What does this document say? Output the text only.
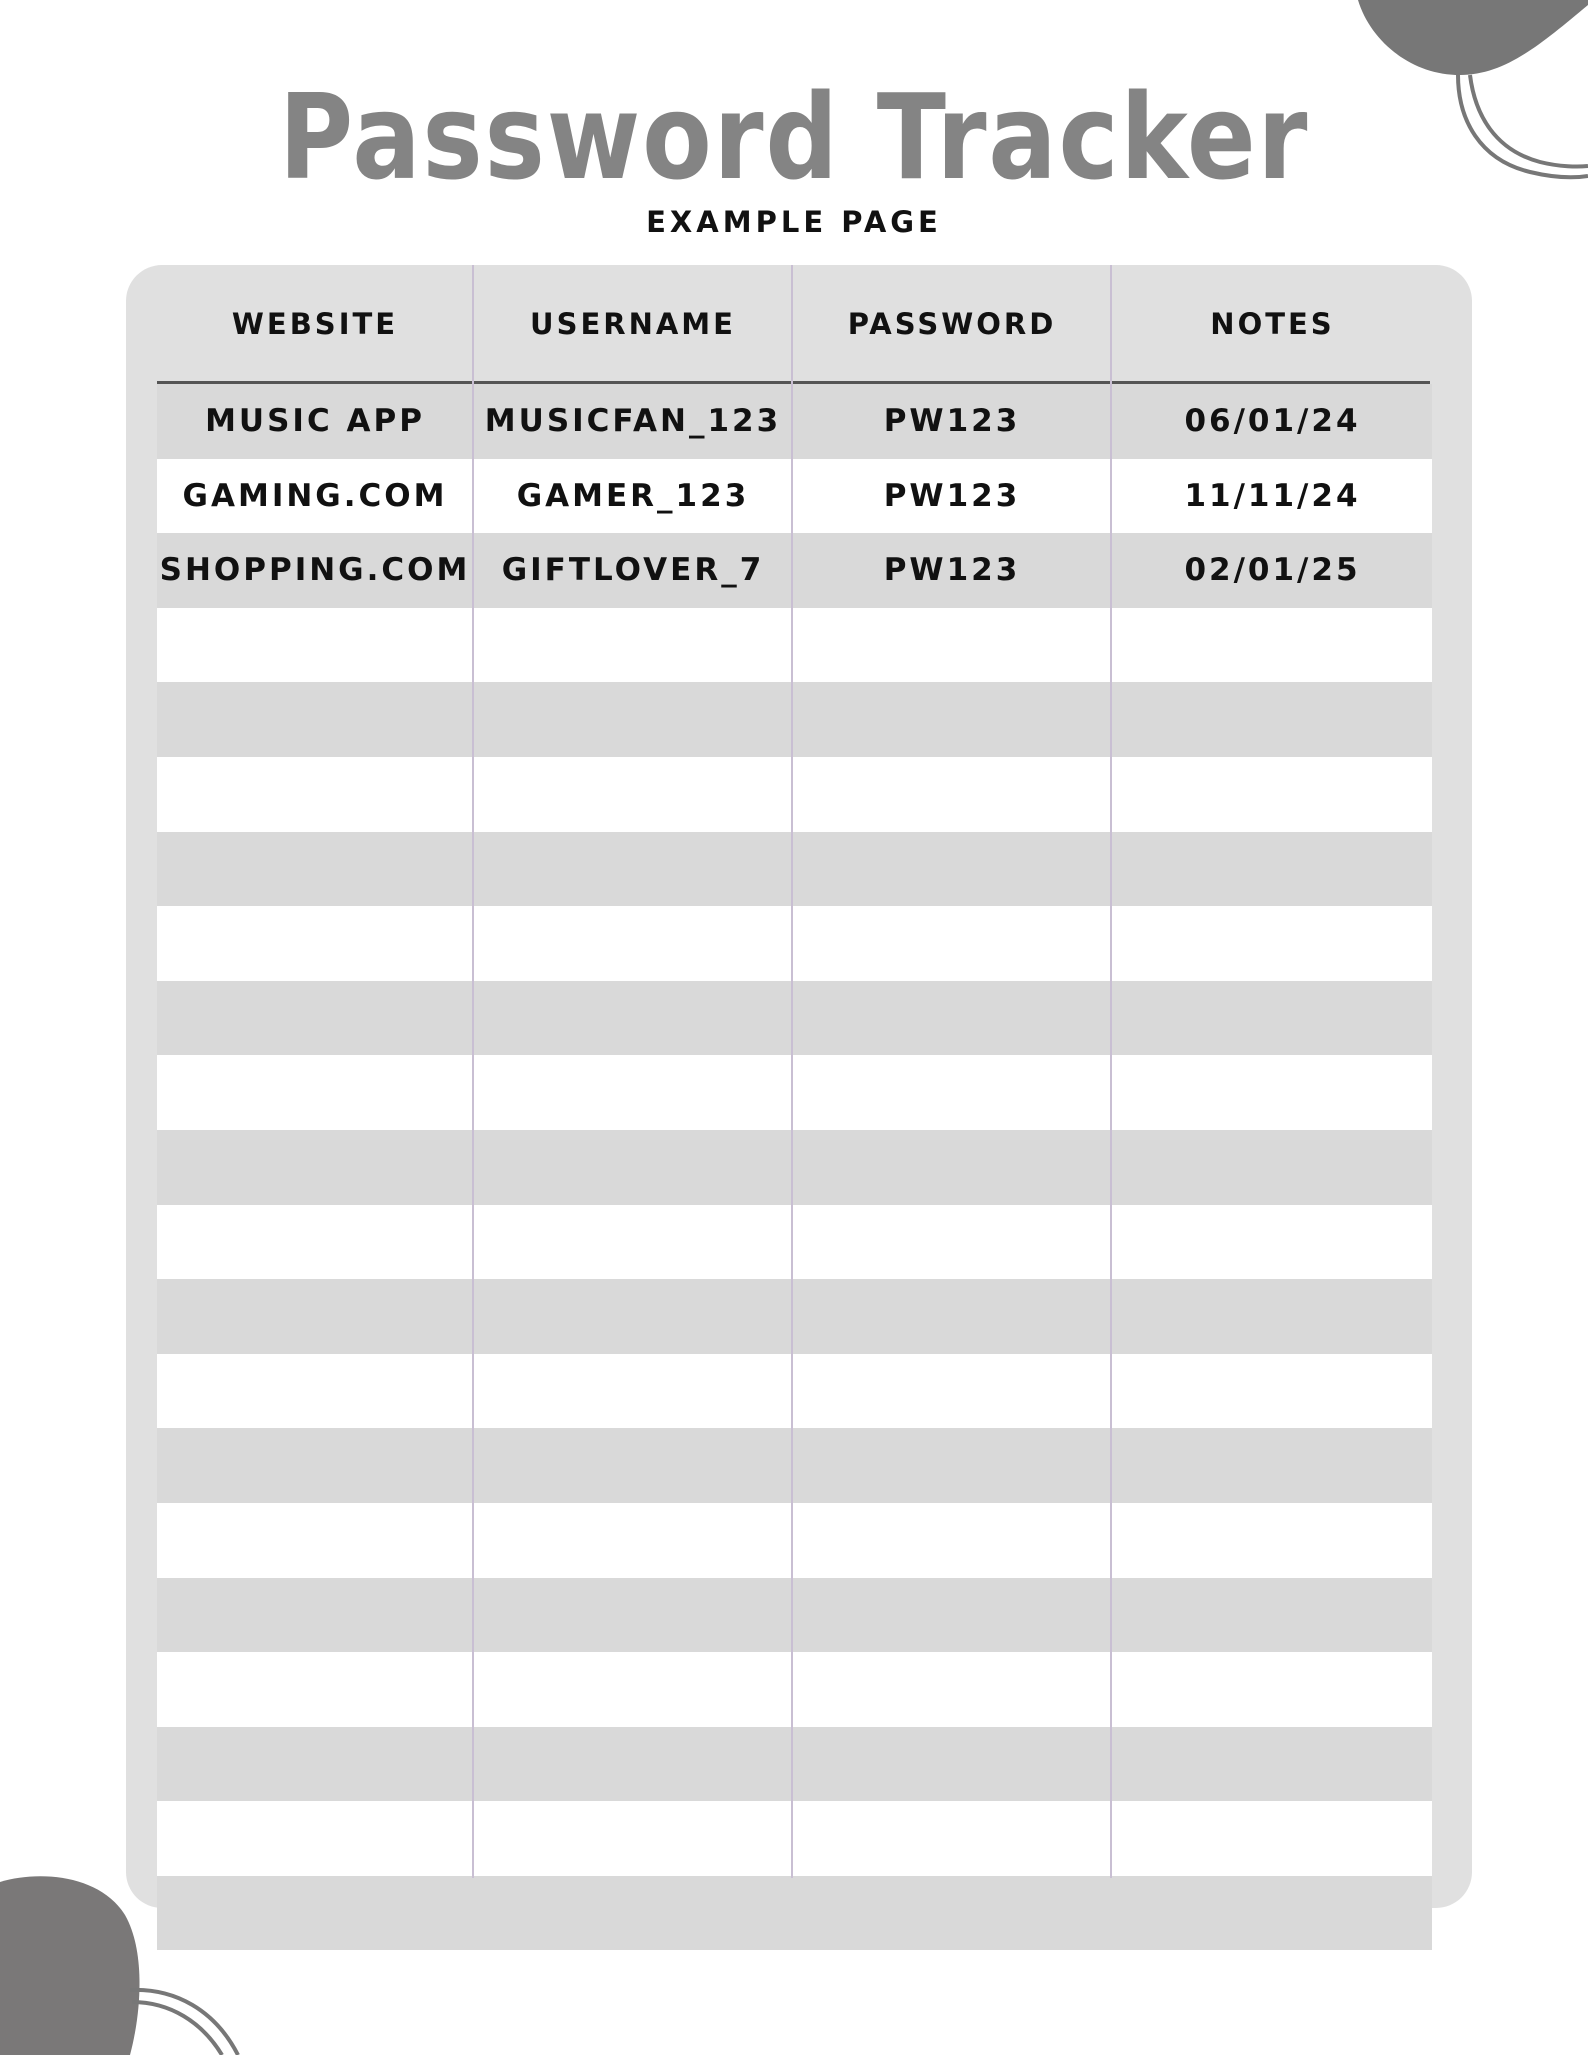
Password Tracker
EXAMPLE PAGE
WEBSITE	USERNAME	PASSWORD	NOTES
MUSIC APP	MUSICFAN_123	PW123	06/01/24
GAMING.COM	GAMER_123	PW123	11/11/24
SHOPPING.COM	GIFTLOVER_7	PW123	02/01/25
